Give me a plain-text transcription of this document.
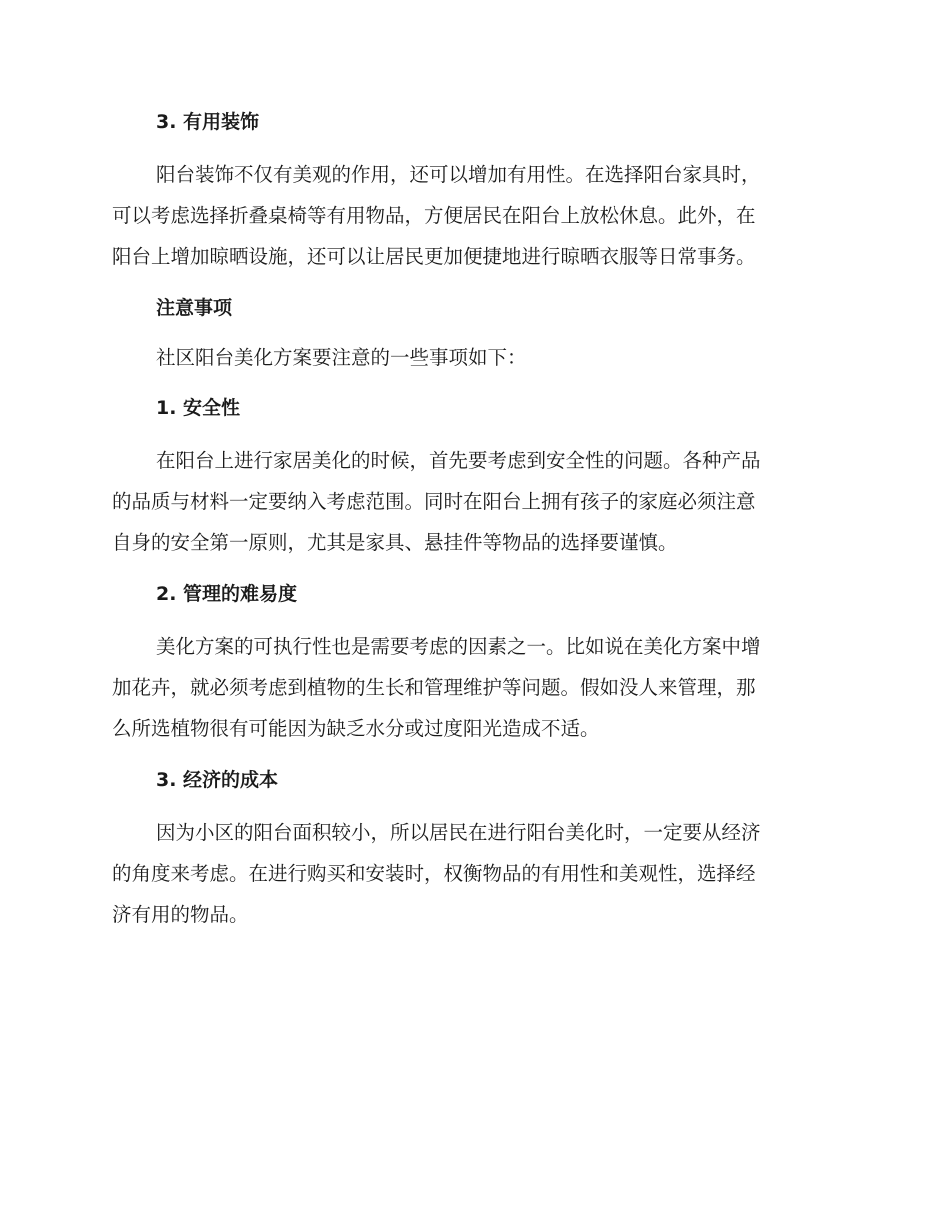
3. 有用装饰
阳台装饰不仅有美观的作用，还可以增加有用性。在选择阳台家具时，
可以考虑选择折叠桌椅等有用物品，方便居民在阳台上放松休息。此外，在
阳台上增加晾晒设施，还可以让居民更加便捷地进行晾晒衣服等日常事务。
注意事项
社区阳台美化方案要注意的一些事项如下：
1. 安全性
在阳台上进行家居美化的时候，首先要考虑到安全性的问题。各种产品
的品质与材料一定要纳入考虑范围。同时在阳台上拥有孩子的家庭必须注意
自身的安全第一原则，尤其是家具、悬挂件等物品的选择要谨慎。
2. 管理的难易度
美化方案的可执行性也是需要考虑的因素之一。比如说在美化方案中增
加花卉，就必须考虑到植物的生长和管理维护等问题。假如没人来管理，那
么所选植物很有可能因为缺乏水分或过度阳光造成不适。
3. 经济的成本
因为小区的阳台面积较小，所以居民在进行阳台美化时，一定要从经济
的角度来考虑。在进行购买和安装时，权衡物品的有用性和美观性，选择经
济有用的物品。
